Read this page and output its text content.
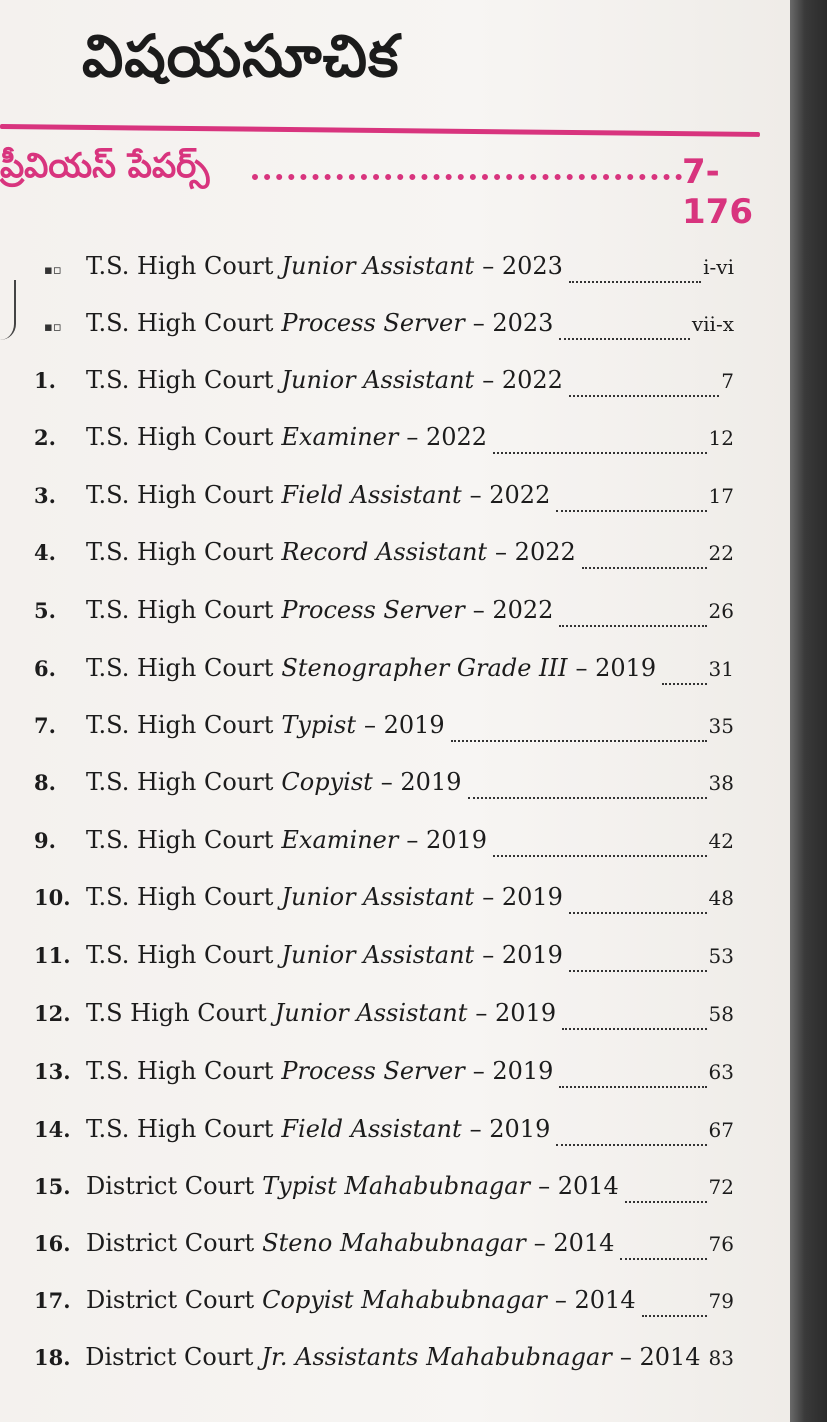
విషయసూచిక
ప్రీవియస్ పేపర్స్	7-176
▪▫	T.S. High Court Junior Assistant – 2023	i-vi
▪▫	T.S. High Court Process Server – 2023	vii-x
1.	T.S. High Court Junior Assistant – 2022	7
2.	T.S. High Court Examiner – 2022	12
3.	T.S. High Court Field Assistant – 2022	17
4.	T.S. High Court Record Assistant – 2022	22
5.	T.S. High Court Process Server – 2022	26
6.	T.S. High Court Stenographer Grade III – 2019	31
7.	T.S. High Court Typist – 2019	35
8.	T.S. High Court Copyist – 2019	38
9.	T.S. High Court Examiner – 2019	42
10. T.S. High Court Junior Assistant – 2019	48
11. T.S. High Court Junior Assistant – 2019	53
12. T.S High Court Junior Assistant – 2019	58
13. T.S. High Court Process Server – 2019	63
14. T.S. High Court Field Assistant – 2019	67
15. District Court Typist Mahabubnagar – 2014	72
16. District Court Steno Mahabubnagar – 2014	76
17. District Court Copyist Mahabubnagar – 2014	79
18. District Court Jr. Assistants Mahabubnagar – 2014 83
